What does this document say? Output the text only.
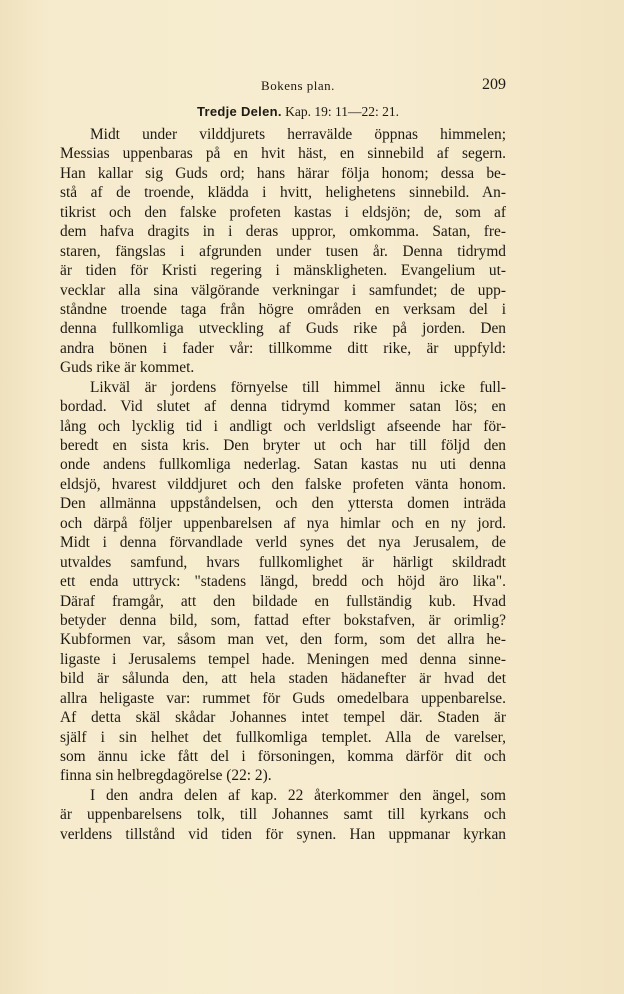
Bokens plan.	209
Tredje Delen. Kap. 19: 11—22: 21.
Midt under vilddjurets herravälde öppnas himmelen;
Messias uppenbaras på en hvit häst, en sinnebild af segern.
Han kallar sig Guds ord; hans härar följa honom; dessa be-
stå af de troende, klädda i hvitt, helighetens sinnebild. An-
tikrist och den falske profeten kastas i eldsjön; de, som af
dem hafva dragits in i deras uppror, omkomma. Satan, fre-
staren, fängslas i afgrunden under tusen år. Denna tidrymd
är tiden för Kristi regering i mänskligheten. Evangelium ut-
vecklar alla sina välgörande verkningar i samfundet; de upp-
ståndne troende taga från högre områden en verksam del i
denna fullkomliga utveckling af Guds rike på jorden. Den
andra bönen i fader vår: tillkomme ditt rike, är uppfyld:
Guds rike är kommet.
Likväl är jordens förnyelse till himmel ännu icke full-
bordad. Vid slutet af denna tidrymd kommer satan lös; en
lång och lycklig tid i andligt och verldsligt afseende har för-
beredt en sista kris. Den bryter ut och har till följd den
onde andens fullkomliga nederlag. Satan kastas nu uti denna
eldsjö, hvarest vilddjuret och den falske profeten vänta honom.
Den allmänna uppståndelsen, och den yttersta domen inträda
och därpå följer uppenbarelsen af nya himlar och en ny jord.
Midt i denna förvandlade verld synes det nya Jerusalem, de
utvaldes samfund, hvars fullkomlighet är härligt skildradt
ett enda uttryck: "stadens längd, bredd och höjd äro lika".
Däraf framgår, att den bildade en fullständig kub. Hvad
betyder denna bild, som, fattad efter bokstafven, är orimlig?
Kubformen var, såsom man vet, den form, som det allra he-
ligaste i Jerusalems tempel hade. Meningen med denna sinne-
bild är sålunda den, att hela staden hädanefter är hvad det
allra heligaste var: rummet för Guds omedelbara uppenbarelse.
Af detta skäl skådar Johannes intet tempel där. Staden är
själf i sin helhet det fullkomliga templet. Alla de varelser,
som ännu icke fått del i försoningen, komma därför dit och
finna sin helbregdagörelse (22: 2).
I den andra delen af kap. 22 återkommer den ängel, som
är uppenbarelsens tolk, till Johannes samt till kyrkans och
verldens tillstånd vid tiden för synen. Han uppmanar kyrkan
